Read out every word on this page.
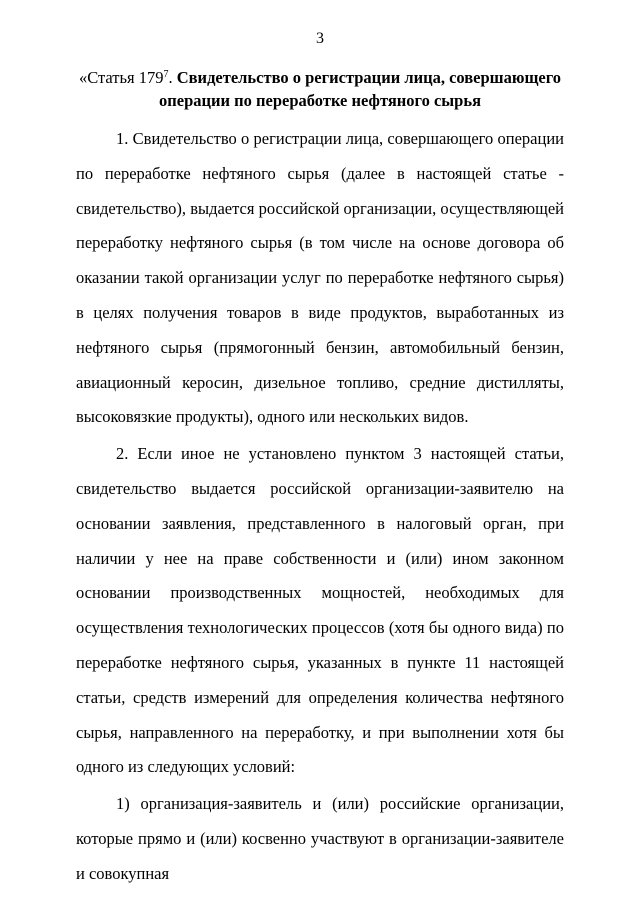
3
«Статья $179^7$. Свидетельство о регистрации лица, совершающего операции по переработке нефтяного сырья

1. Свидетельство о регистрации лица, совершающего операции по переработке нефтяного сырья (далее в настоящей статье - свидетельство), выдается российской организации, осуществляющей переработку нефтяного сырья (в том числе на основе договора об оказании такой организации услуг по переработке нефтяного сырья) в целях получения товаров в виде продуктов, выработанных из нефтяного сырья (прямогонный бензин, автомобильный бензин, авиационный керосин, дизельное топливо, средние дистилляты, высоковязкие продукты), одного или нескольких видов.

2. Если иное не установлено пунктом 3 настоящей статьи, свидетельство выдается российской организации-заявителю на основании заявления, представленного в налоговый орган, при наличии у нее на праве собственности и (или) ином законном основании производственных мощностей, необходимых для осуществления технологических процессов (хотя бы одного вида) по переработке нефтяного сырья, указанных в пункте 11 настоящей статьи, средств измерений для определения количества нефтяного сырья, направленного на переработку, и при выполнении хотя бы одного из следующих условий:

1) организация-заявитель и (или) российские организации, которые прямо и (или) косвенно участвуют в организации-заявителе и совокупная
